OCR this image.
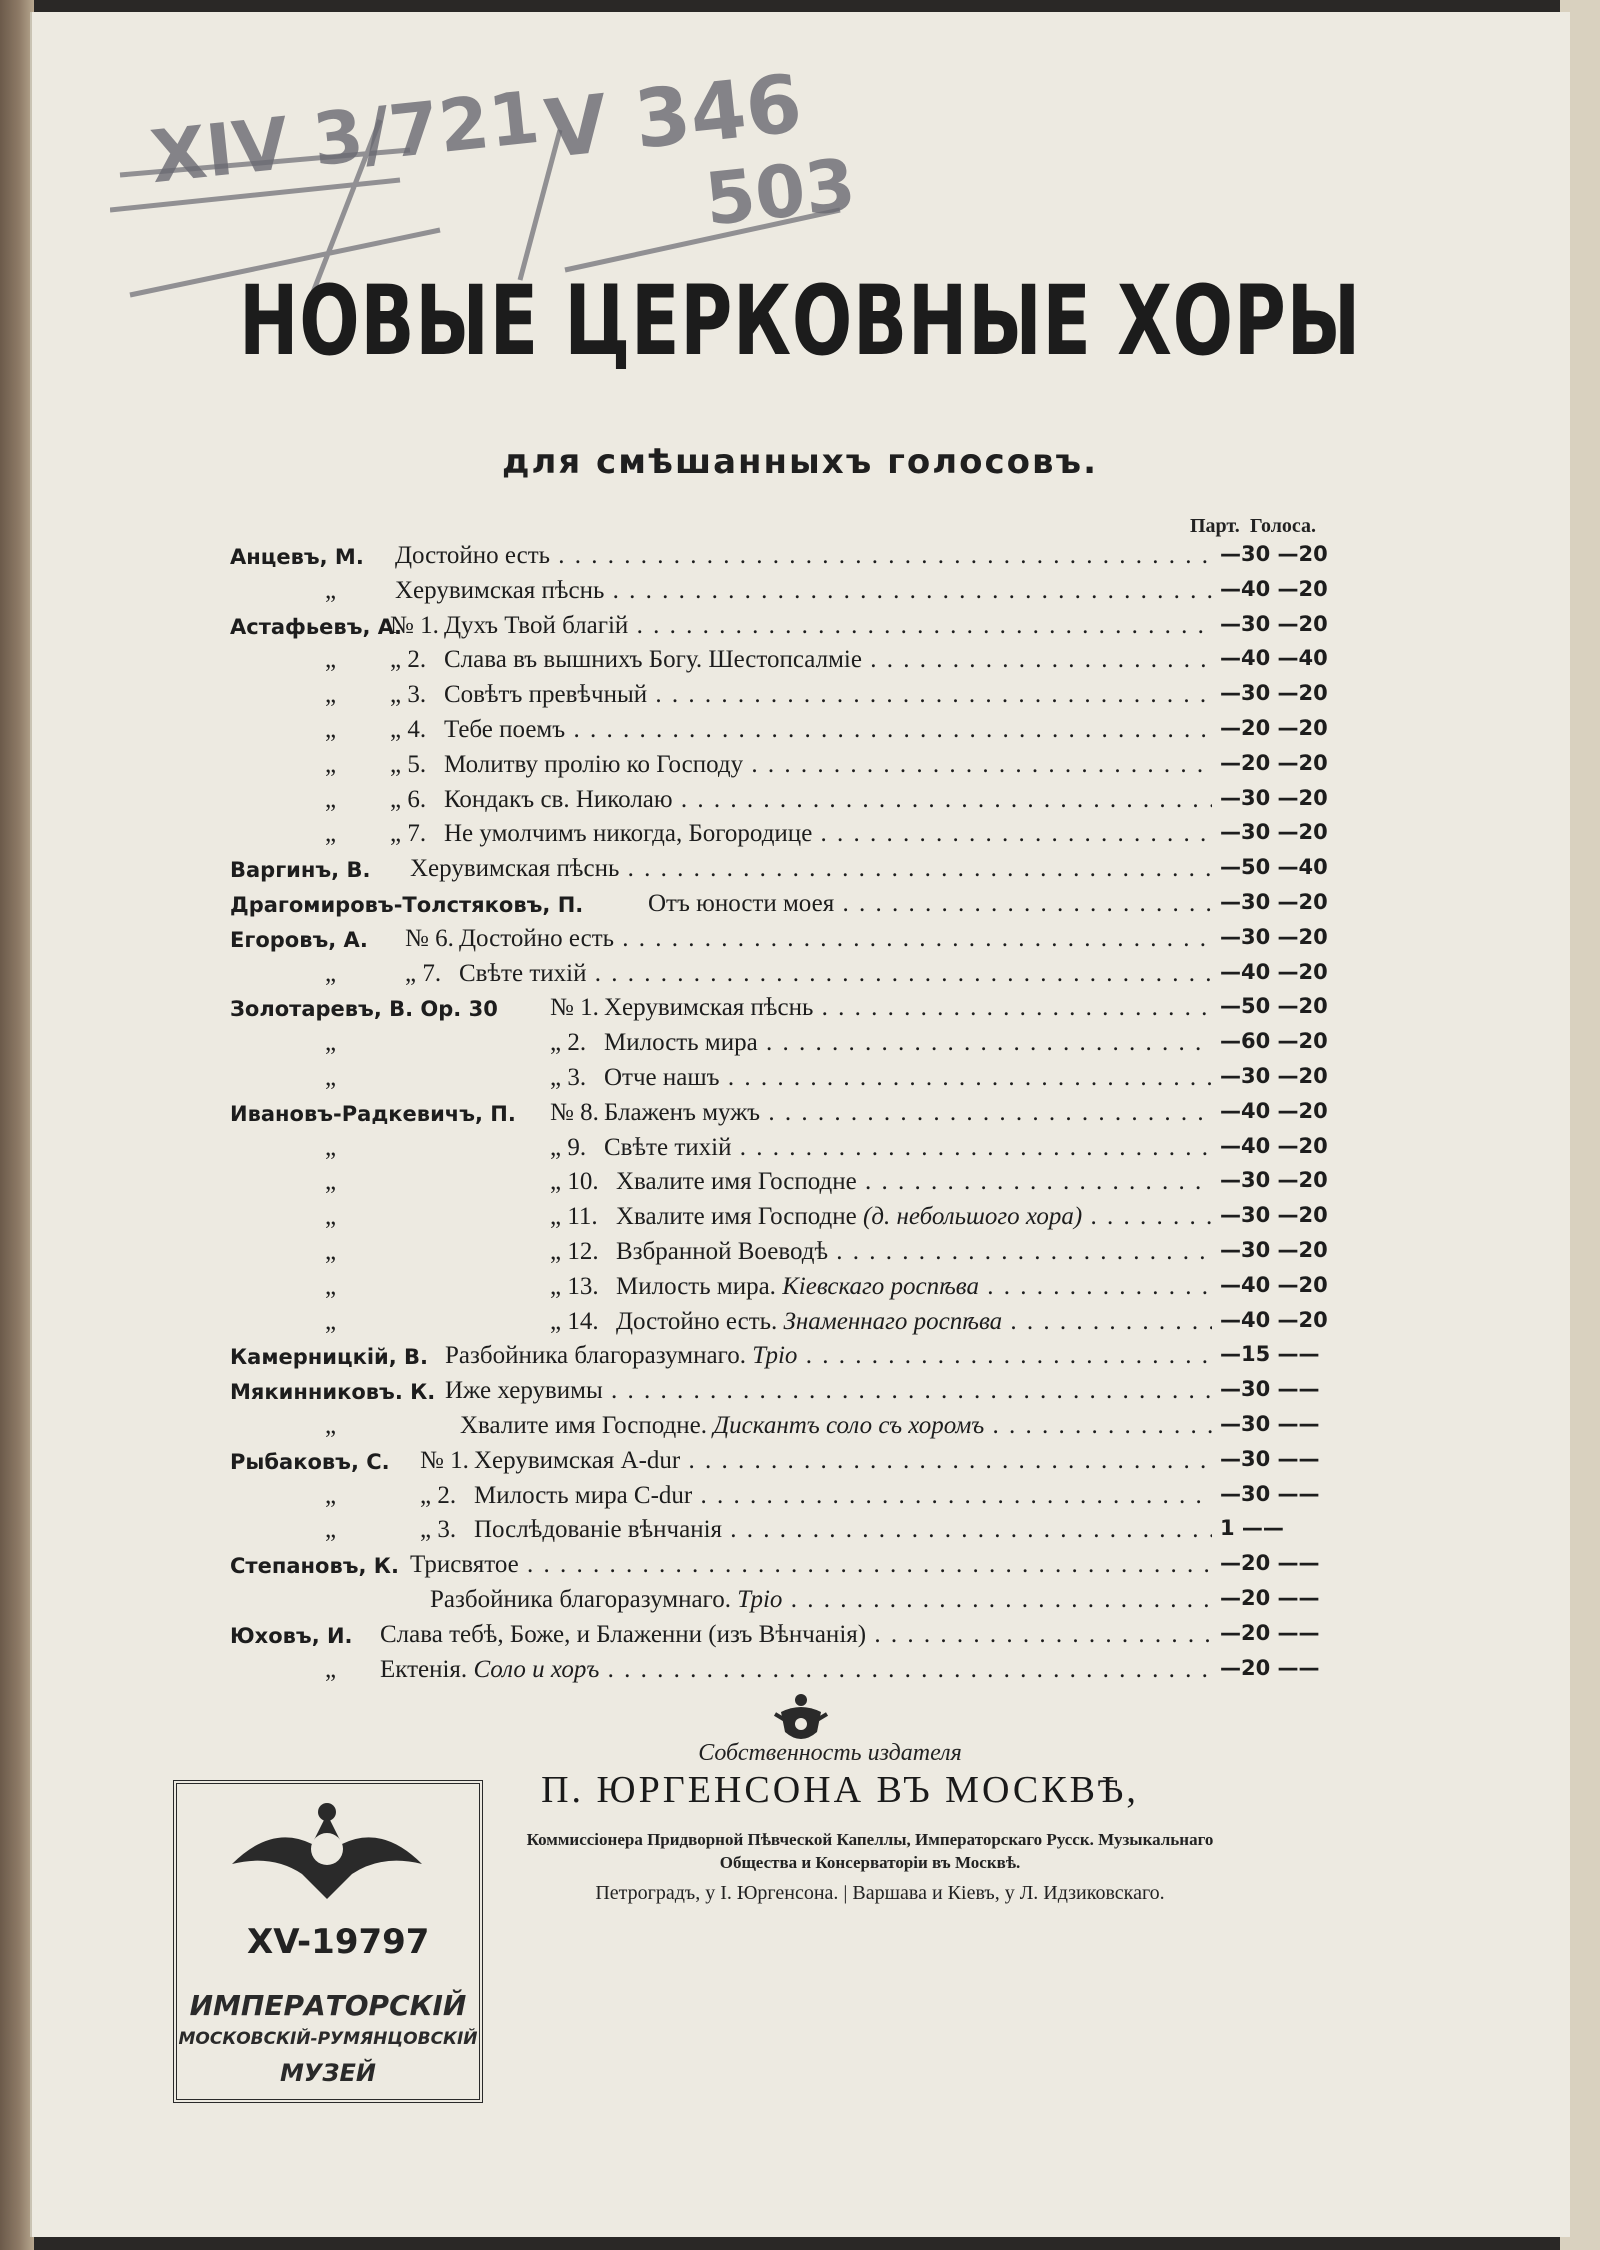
XIV 3/721
V 346
503
НОВЫЕ ЦЕРКОВНЫЕ ХОРЫ
для смѣшанныхъ голосовъ.
Парт. Голоса.
Анцевъ, М. Достойно есть . . .	—30 —20
„ Херувимская пѣснь . . .	—40 —20
Астафьевъ, А.
№ 1. Духъ Твой благiй . . .	—30 —20
„ „ 2. Слава въ вышнихъ Богу. Шестопсалмiе . . .	—40 —40
„ „ 3. Совѣтъ превѣчный . . .	—30 —20
„ „ 4. Тебе поемъ . . .	—20 —20
„ „ 5. Молитву пролiю ко Господу . . .	—20 —20
„ „ 6. Кондакъ св. Николаю . . .	—30 —20
„ „ 7. Не умолчимъ никогда, Богородице . . .	—30 —20
Варгинъ, В. Херувимская пѣснь . . .	—50 —40
Драгомировъ-Толстяковъ, П.	Отъ юности моея . . .	—30 —20
Егоровъ, А. № 6. Достойно есть . . .	—30 —20
„	„ 7. Свѣте тихiй . . .	—40 —20
Золотаревъ, В. Ор. 30 № 1. Херувимская пѣснь . . .	—50 —20
„	„ 2. Милость мира . . .	—60 —20
„	„ 3. Отче нашъ . . .	—30 —20
Ивановъ-Радкевичъ, П. № 8. Блаженъ мужъ . . .	—40 —20
„	„ 9. Свѣте тихiй . . .	—40 —20
„	„ 10. Хвалите имя Господне . . .	—30 —20
„	„ 11. Хвалите имя Господне (д. небольшого хора) . . .	—30 —20
„	„ 12. Взбранной Воеводѣ . . .	—30 —20
„	„ 13. Милость мира. Кiевскаго роспѣва . . .	—40 —20
„	„ 14. Достойно есть. Знаменнаго роспѣва . . .	—40 —20
Камерницкiй, В. Разбойника благоразумнаго. Трiо . . .	—15 ——
Мякинниковъ. К. Иже херувимы . . .	—30 ——
„	Хвалите имя Господне. Дискантъ соло съ хоромъ . . .	—30 ——
Рыбаковъ, С. № 1. Херувимская A-dur . . .	—30 ——
„	„ 2. Милость мира C-dur . . .	—30 ——
„	„ 3. Послѣдованiе вѣнчанiя . . .	1 ——
Степановъ, К. Трисвятое . . .	—20 ——
Разбойника благоразумнаго. Трiо . . .	—20 ——
Юховъ, И. Слава тебѣ, Боже, и Блаженни (изъ Вѣнчанiя) . . .	—20 ——
„ Ектенiя. Соло и хоръ . . .	—20 ——
Собственность издателя
П. ЮРГЕНСОНА ВЪ МОСКВѢ,
Коммиссiонера Придворной Пѣвческой Капеллы, Императорскаго Русск. Музыкальнаго
Общества и Консерваторiи въ Москвѣ.
Петроградъ, у I. Юргенсона. | Варшава и Кiевъ, у Л. Идзиковскаго.
XV-19797
ИМПЕРАТОРСКIЙ
МОСКОВСКIЙ-РУМЯНЦОВСКIЙ
МУЗЕЙ
